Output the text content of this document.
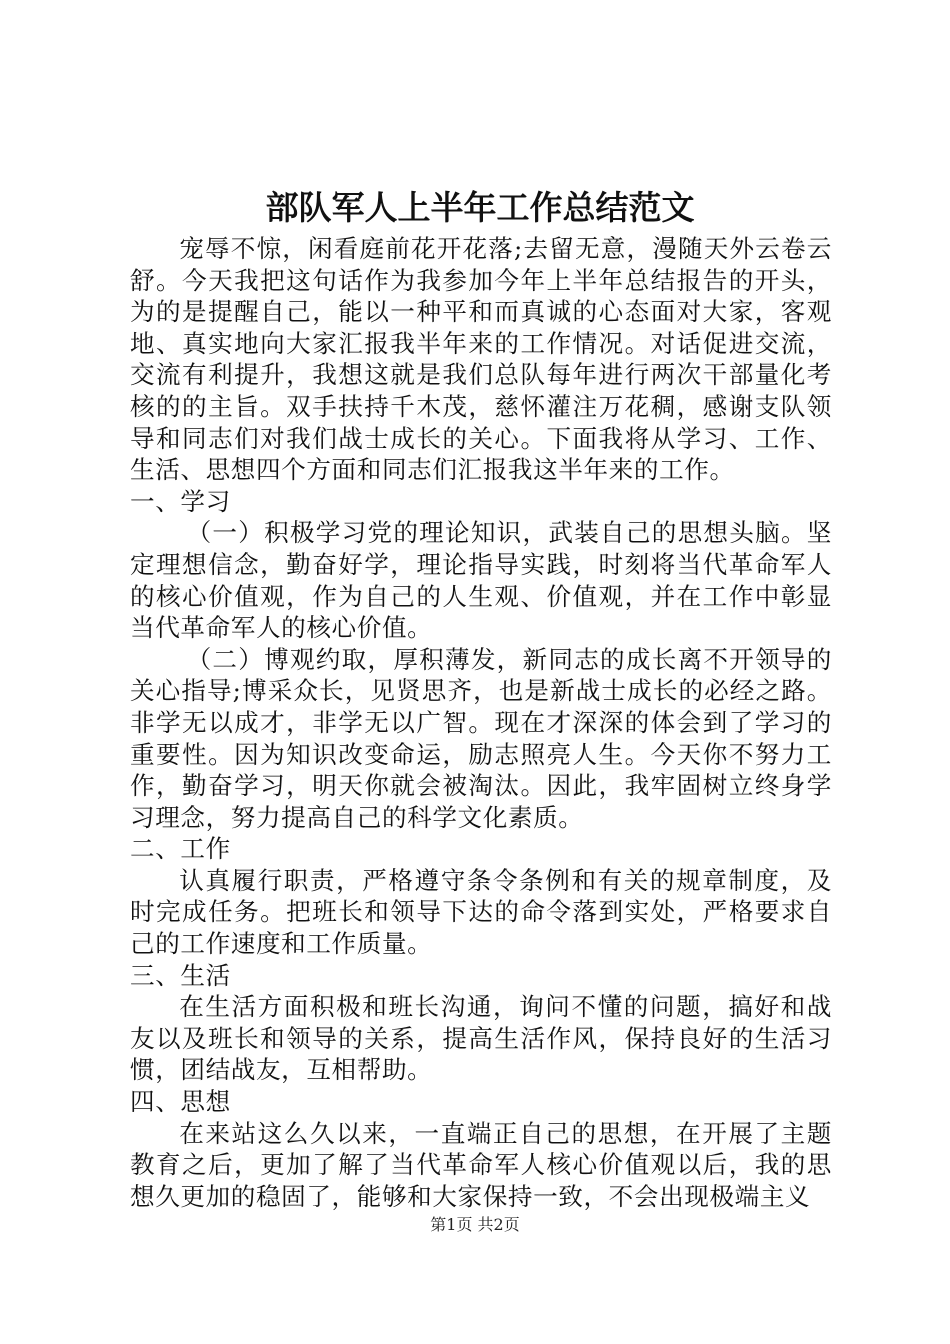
部队军人上半年工作总结范文

宠辱不惊，闲看庭前花开花落;去留无意，漫随天外云卷云舒。今天我把这句话作为我参加今年上半年总结报告的开头，为的是提醒自己，能以一种平和而真诚的心态面对大家，客观地、真实地向大家汇报我半年来的工作情况。对话促进交流，交流有利提升，我想这就是我们总队每年进行两次干部量化考核的的主旨。双手扶持千木茂，慈怀灌注万花稠，感谢支队领导和同志们对我们战士成长的关心。下面我将从学习、工作、生活、思想四个方面和同志们汇报我这半年来的工作。

一、学习

（一）积极学习党的理论知识，武装自己的思想头脑。坚定理想信念，勤奋好学，理论指导实践，时刻将当代革命军人的核心价值观，作为自己的人生观、价值观，并在工作中彰显当代革命军人的核心价值。

（二）博观约取，厚积薄发，新同志的成长离不开领导的关心指导;博采众长，见贤思齐，也是新战士成长的必经之路。非学无以成才，非学无以广智。现在才深深的体会到了学习的重要性。因为知识改变命运，励志照亮人生。今天你不努力工作，勤奋学习，明天你就会被淘汰。因此，我牢固树立终身学习理念，努力提高自己的科学文化素质。

二、工作

认真履行职责，严格遵守条令条例和有关的规章制度，及时完成任务。把班长和领导下达的命令落到实处，严格要求自己的工作速度和工作质量。

三、生活

在生活方面积极和班长沟通，询问不懂的问题，搞好和战友以及班长和领导的关系，提高生活作风，保持良好的生活习惯，团结战友，互相帮助。

四、思想

在来站这么久以来，一直端正自己的思想，在开展了主题教育之后，更加了解了当代革命军人核心价值观以后，我的思想久更加的稳固了，能够和大家保持一致，不会出现极端主义

第1页 共2页
